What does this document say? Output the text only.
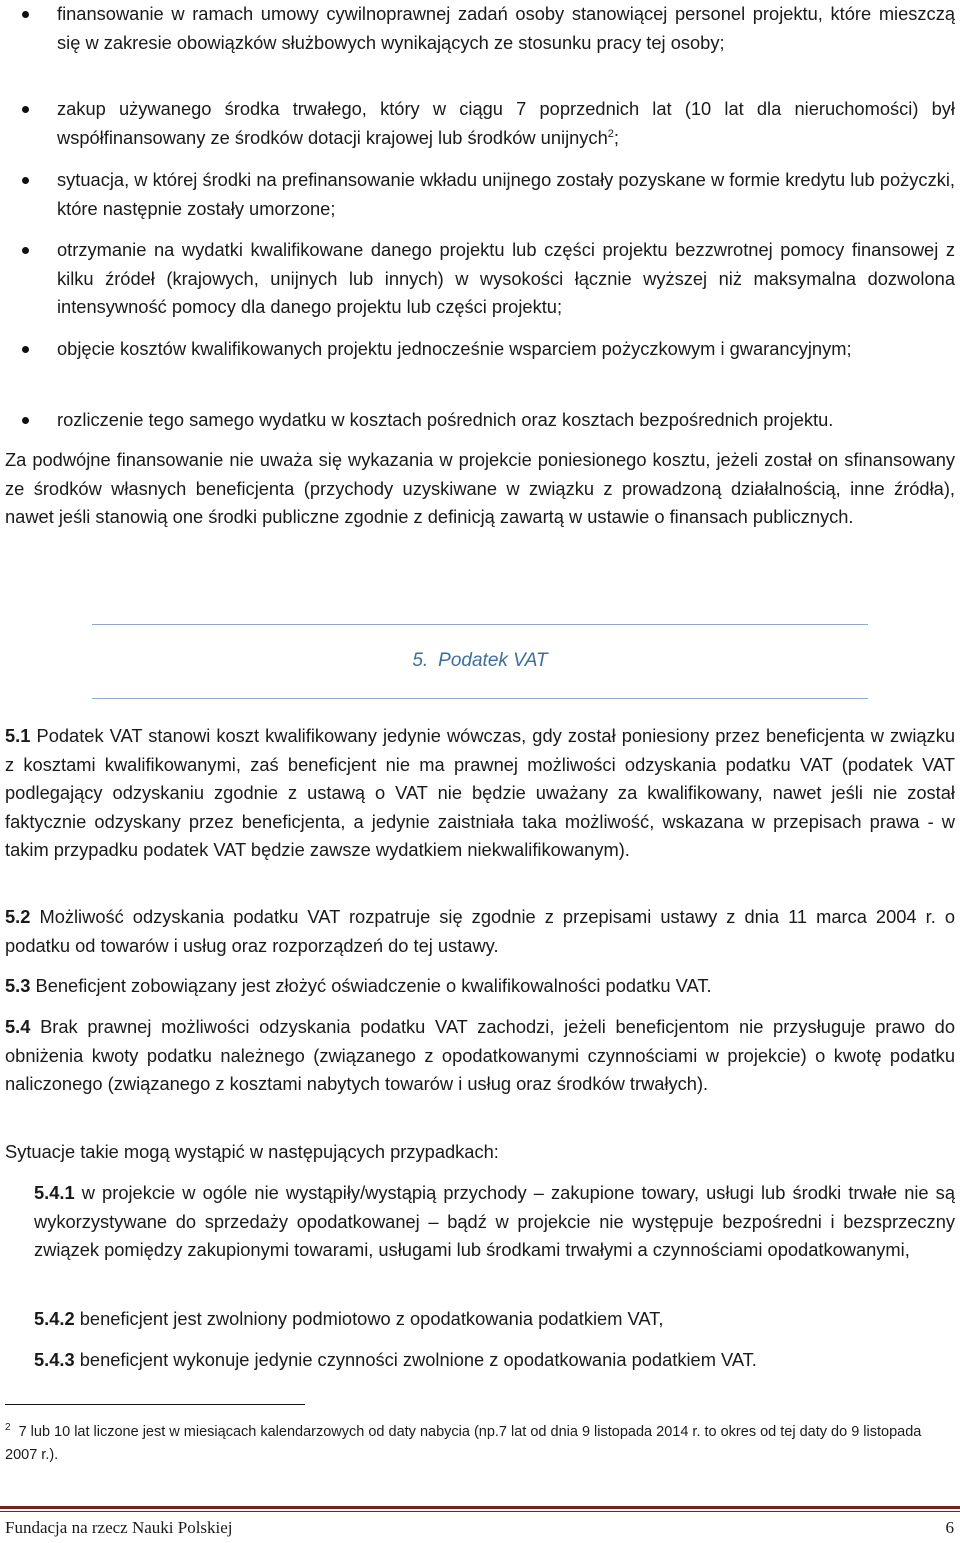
finansowanie w ramach umowy cywilnoprawnej zadań osoby stanowiącej personel projektu, które mieszczą się w zakresie obowiązków służbowych wynikających ze stosunku pracy tej osoby;
zakup używanego środka trwałego, który w ciągu 7 poprzednich lat (10 lat dla nieruchomości) był współfinansowany ze środków dotacji krajowej lub środków unijnych$^2$;
sytuacja, w której środki na prefinansowanie wkładu unijnego zostały pozyskane w formie kredytu lub pożyczki, które następnie zostały umorzone;
otrzymanie na wydatki kwalifikowane danego projektu lub części projektu bezzwrotnej pomocy finansowej z kilku źródeł (krajowych, unijnych lub innych) w wysokości łącznie wyższej niż maksymalna dozwolona intensywność pomocy dla danego projektu lub części projektu;
objęcie kosztów kwalifikowanych projektu jednocześnie wsparciem pożyczkowym i gwarancyjnym;
rozliczenie tego samego wydatku w kosztach pośrednich oraz kosztach bezpośrednich projektu.

Za podwójne finansowanie nie uważa się wykazania w projekcie poniesionego kosztu, jeżeli został on sfinansowany ze środków własnych beneficjenta (przychody uzyskiwane w związku z prowadzoną działalnością, inne źródła), nawet jeśli stanowią one środki publiczne zgodnie z definicją zawartą w ustawie o finansach publicznych.

5. Podatek VAT

5.1 Podatek VAT stanowi koszt kwalifikowany jedynie wówczas, gdy został poniesiony przez beneficjenta w związku z kosztami kwalifikowanymi, zaś beneficjent nie ma prawnej możliwości odzyskania podatku VAT (podatek VAT podlegający odzyskaniu zgodnie z ustawą o VAT nie będzie uważany za kwalifikowany, nawet jeśli nie został faktycznie odzyskany przez beneficjenta, a jedynie zaistniała taka możliwość, wskazana w przepisach prawa - w takim przypadku podatek VAT będzie zawsze wydatkiem niekwalifikowanym).

5.2 Możliwość odzyskania podatku VAT rozpatruje się zgodnie z przepisami ustawy z dnia 11 marca 2004 r. o podatku od towarów i usług oraz rozporządzeń do tej ustawy.

5.3 Beneficjent zobowiązany jest złożyć oświadczenie o kwalifikowalności podatku VAT.

5.4 Brak prawnej możliwości odzyskania podatku VAT zachodzi, jeżeli beneficjentom nie przysługuje prawo do obniżenia kwoty podatku należnego (związanego z opodatkowanymi czynnościami w projekcie) o kwotę podatku naliczonego (związanego z kosztami nabytych towarów i usług oraz środków trwałych).

Sytuacje takie mogą wystąpić w następujących przypadkach:

5.4.1 w projekcie w ogóle nie wystąpiły/wystąpią przychody – zakupione towary, usługi lub środki trwałe nie są wykorzystywane do sprzedaży opodatkowanej – bądź w projekcie nie występuje bezpośredni i bezsprzeczny związek pomiędzy zakupionymi towarami, usługami lub środkami trwałymi a czynnościami opodatkowanymi,

5.4.2 beneficjent jest zwolniony podmiotowo z opodatkowania podatkiem VAT,

5.4.3 beneficjent wykonuje jedynie czynności zwolnione z opodatkowania podatkiem VAT.

$^2$ 7 lub 10 lat liczone jest w miesiącach kalendarzowych od daty nabycia (np.7 lat od dnia 9 listopada 2014 r. to okres od tej daty do 9 listopada 2007 r.).

Fundacja na rzecz Nauki Polskiej	6
